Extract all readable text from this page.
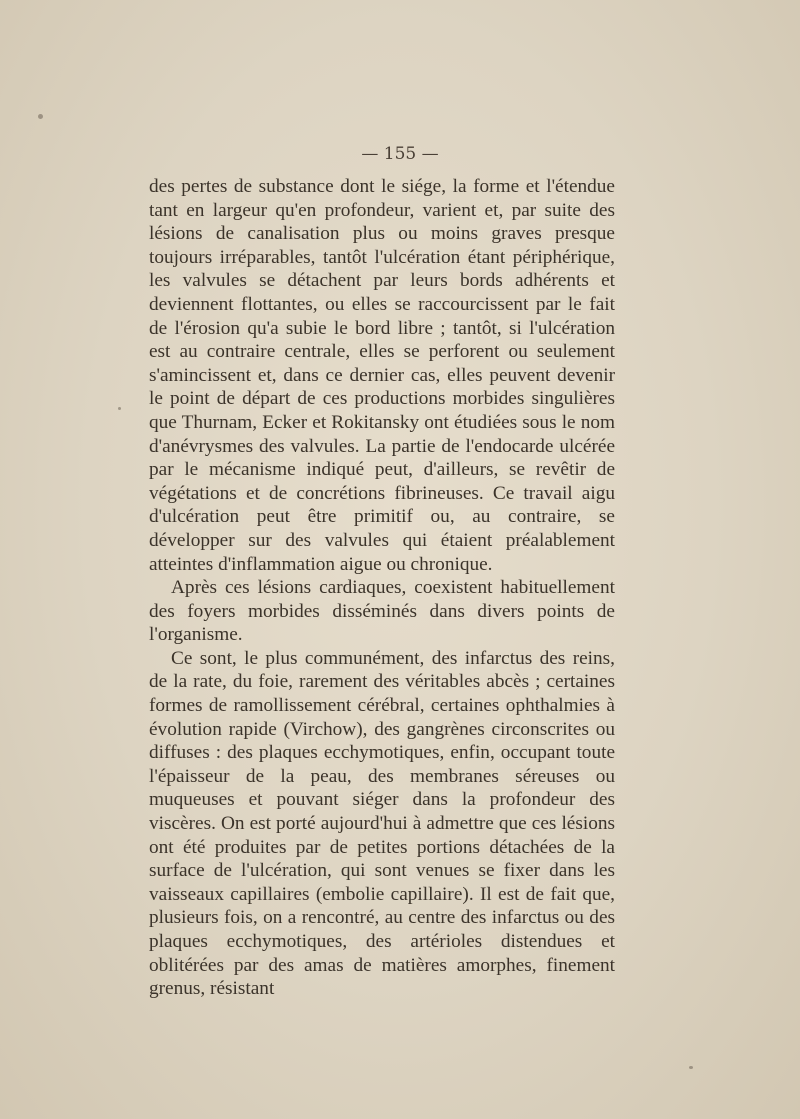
— 155 —

des pertes de substance dont le siége, la forme et l'étendue tant en largeur qu'en profondeur, varient et, par suite des lésions de canalisation plus ou moins graves presque toujours irréparables, tantôt l'ulcération étant périphérique, les valvules se détachent par leurs bords adhérents et deviennent flottantes, ou elles se raccourcissent par le fait de l'érosion qu'a subie le bord libre ; tantôt, si l'ulcération est au contraire centrale, elles se perforent ou seulement s'amincissent et, dans ce dernier cas, elles peuvent devenir le point de départ de ces productions morbides singulières que Thurnam, Ecker et Rokitansky ont étudiées sous le nom d'anévrysmes des valvules. La partie de l'endocarde ulcérée par le mécanisme indiqué peut, d'ailleurs, se revêtir de végétations et de concrétions fibrineuses. Ce travail aigu d'ulcération peut être primitif ou, au contraire, se développer sur des valvules qui étaient préalablement atteintes d'inflammation aigue ou chronique.

Après ces lésions cardiaques, coexistent habituellement des foyers morbides disséminés dans divers points de l'organisme.

Ce sont, le plus communément, des infarctus des reins, de la rate, du foie, rarement des véritables abcès ; certaines formes de ramollissement cérébral, certaines ophthalmies à évolution rapide (Virchow), des gangrènes circonscrites ou diffuses : des plaques ecchymotiques, enfin, occupant toute l'épaisseur de la peau, des membranes séreuses ou muqueuses et pouvant siéger dans la profondeur des viscères. On est porté aujourd'hui à admettre que ces lésions ont été produites par de petites portions détachées de la surface de l'ulcération, qui sont venues se fixer dans les vaisseaux capillaires (embolie capillaire). Il est de fait que, plusieurs fois, on a rencontré, au centre des infarctus ou des plaques ecchymotiques, des artérioles distendues et oblitérées par des amas de matières amorphes, finement grenus, résistant
